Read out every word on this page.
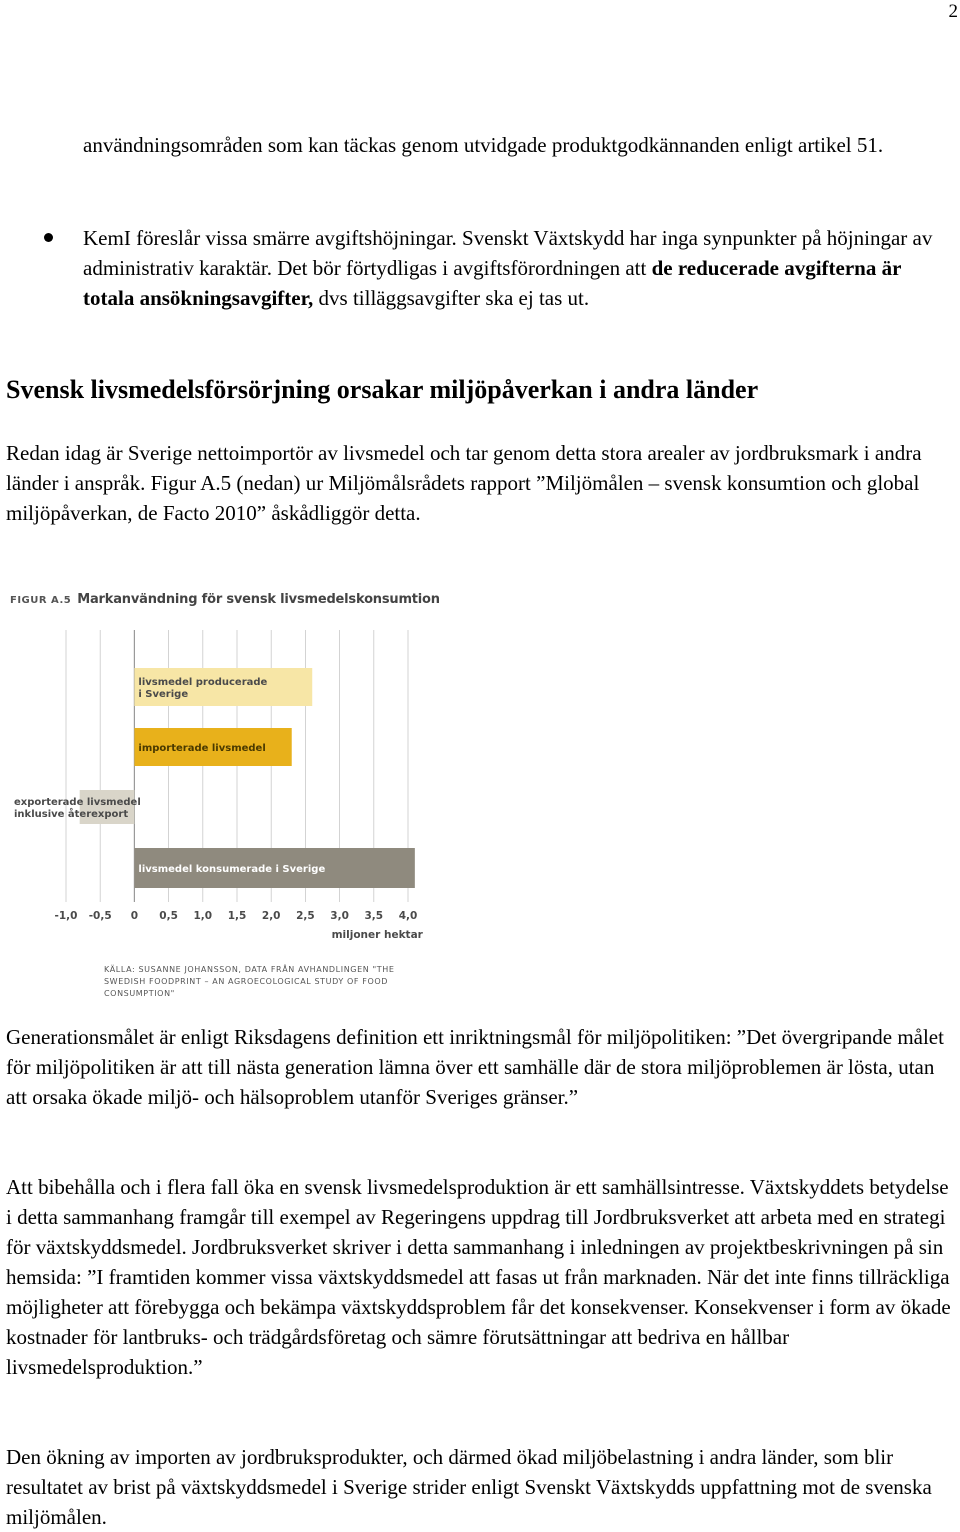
2

användningsområden som kan täckas genom utvidgade produktgodkännanden enligt artikel 51.

KemI föreslår vissa smärre avgiftshöjningar. Svenskt Växtskydd har inga synpunkter på höjningar av administrativ karaktär. Det bör förtydligas i avgiftsförordningen att de reducerade avgifterna är totala ansökningsavgifter, dvs tilläggsavgifter ska ej tas ut.

Svensk livsmedelsförsörjning orsakar miljöpåverkan i andra länder

Redan idag är Sverige nettoimportör av livsmedel och tar genom detta stora arealer av jordbruksmark i andra länder i anspråk. Figur A.5 (nedan) ur Miljömålsrådets rapport ”Miljömålen – svensk konsumtion och global miljöpåverkan, de Facto 2010” åskådliggör detta.

-1,0 -0,5 0 0,5 1,0 1,5 2,0 2,5 3,0 3,5 4,0
miljoner hektar
livsmedel producerade
i Sverige
importerade livsmedel
exporterade livsmedel
inklusive återexport
livsmedel konsumerade i Sverige
FIGUR A.5 Markanvändning för svensk livsmedelskonsumtion
KÄLLA: SUSANNE JOHANSSON, DATA FRÅN AVHANDLINGEN "THE SWEDISH FOODPRINT – AN AGROECOLOGICAL STUDY OF FOOD CONSUMPTION"

Generationsmålet är enligt Riksdagens definition ett inriktningsmål för miljöpolitiken: ”Det övergripande målet för miljöpolitiken är att till nästa generation lämna över ett samhälle där de stora miljöproblemen är lösta, utan att orsaka ökade miljö- och hälsoproblem utanför Sveriges gränser.”

Att bibehålla och i flera fall öka en svensk livsmedelsproduktion är ett samhällsintresse. Växtskyddets betydelse i detta sammanhang framgår till exempel av Regeringens uppdrag till Jordbruksverket att arbeta med en strategi för växtskyddsmedel. Jordbruksverket skriver i detta sammanhang i inledningen av projektbeskrivningen på sin hemsida: ”I framtiden kommer vissa växtskyddsmedel att fasas ut från marknaden. När det inte finns tillräckliga möjligheter att förebygga och bekämpa växtskyddsproblem får det konsekvenser. Konsekvenser i form av ökade kostnader för lantbruks- och trädgårdsföretag och sämre förutsättningar att bedriva en hållbar livsmedelsproduktion.”

Den ökning av importen av jordbruksprodukter, och därmed ökad miljöbelastning i andra länder, som blir resultatet av brist på växtskyddsmedel i Sverige strider enligt Svenskt Växtskydds uppfattning mot de svenska miljömålen.
